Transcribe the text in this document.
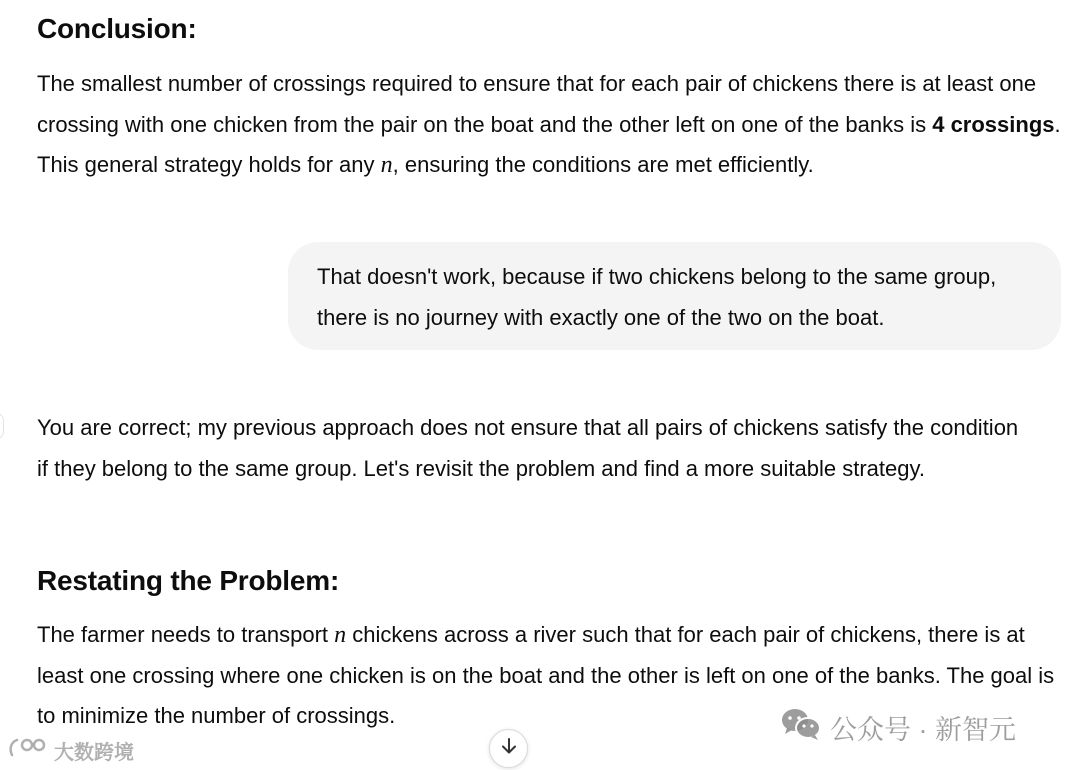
Conclusion:

The smallest number of crossings required to ensure that for each pair of chickens there is at least one crossing with one chicken from the pair on the boat and the other left on one of the banks is 4 crossings. This general strategy holds for any n, ensuring the conditions are met efficiently.

That doesn't work, because if two chickens belong to the same group, there is no journey with exactly one of the two on the boat.

You are correct; my previous approach does not ensure that all pairs of chickens satisfy the condition if they belong to the same group. Let's revisit the problem and find a more suitable strategy.

Restating the Problem:

The farmer needs to transport n chickens across a river such that for each pair of chickens, there is at least one crossing where one chicken is on the boat and the other is left on one of the banks. The goal is to minimize the number of crossings.

大数跨境
公众号 · 新智元
